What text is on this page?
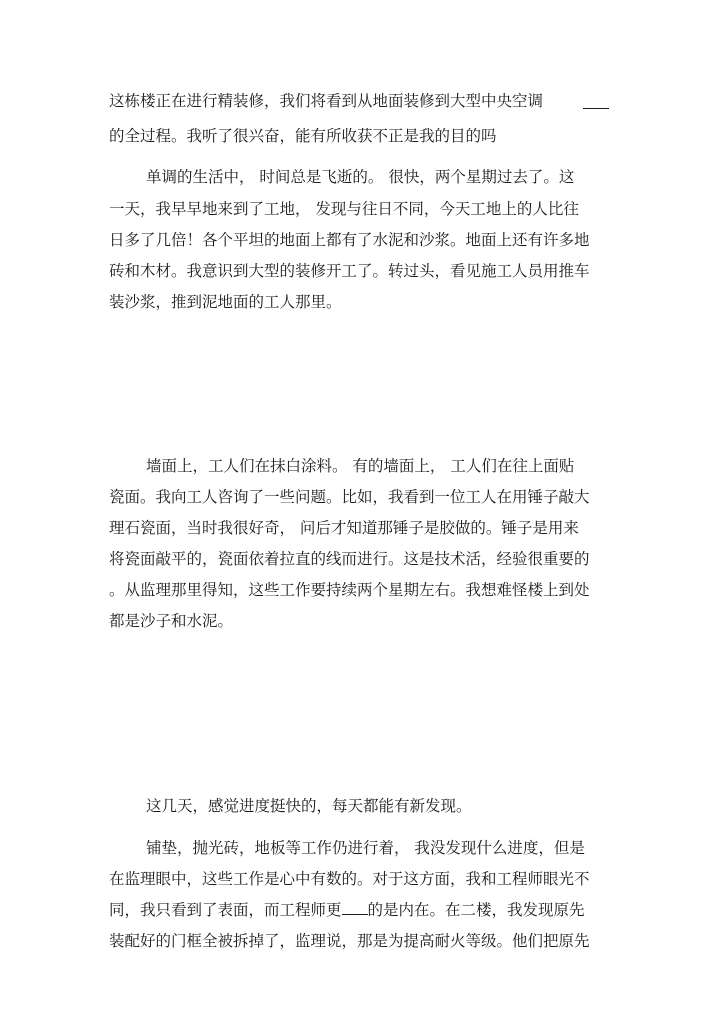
这栋楼正在进行精装修，我们将看到从地面装修到大型中央空调
的全过程。我听了很兴奋，能有所收获不正是我的目的吗
单调的生活中， 时间总是飞逝的。 很快，两个星期过去了。这
一天，我早早地来到了工地， 发现与往日不同，今天工地上的人比往
日多了几倍！各个平坦的地面上都有了水泥和沙浆。地面上还有许多地
砖和木材。我意识到大型的装修开工了。转过头，看见施工人员用推车
装沙浆，推到泥地面的工人那里。
墙面上，工人们在抹白涂料。 有的墙面上， 工人们在往上面贴
瓷面。我向工人咨询了一些问题。比如，我看到一位工人在用锤子敲大
理石瓷面，当时我很好奇， 问后才知道那锤子是胶做的。锤子是用来
将瓷面敲平的，瓷面依着拉直的线而进行。这是技术活，经验很重要的
。从监理那里得知，这些工作要持续两个星期左右。我想难怪楼上到处
都是沙子和水泥。
这几天，感觉进度挺快的，每天都能有新发现。
铺垫，抛光砖，地板等工作仍进行着， 我没发现什么进度，但是
在监理眼中，这些工作是心中有数的。对于这方面，我和工程师眼光不
同，我只看到了表面，而工程师更 的是内在。在二楼，我发现原先
装配好的门框全被拆掉了，监理说，那是为提高耐火等级。他们把原先
